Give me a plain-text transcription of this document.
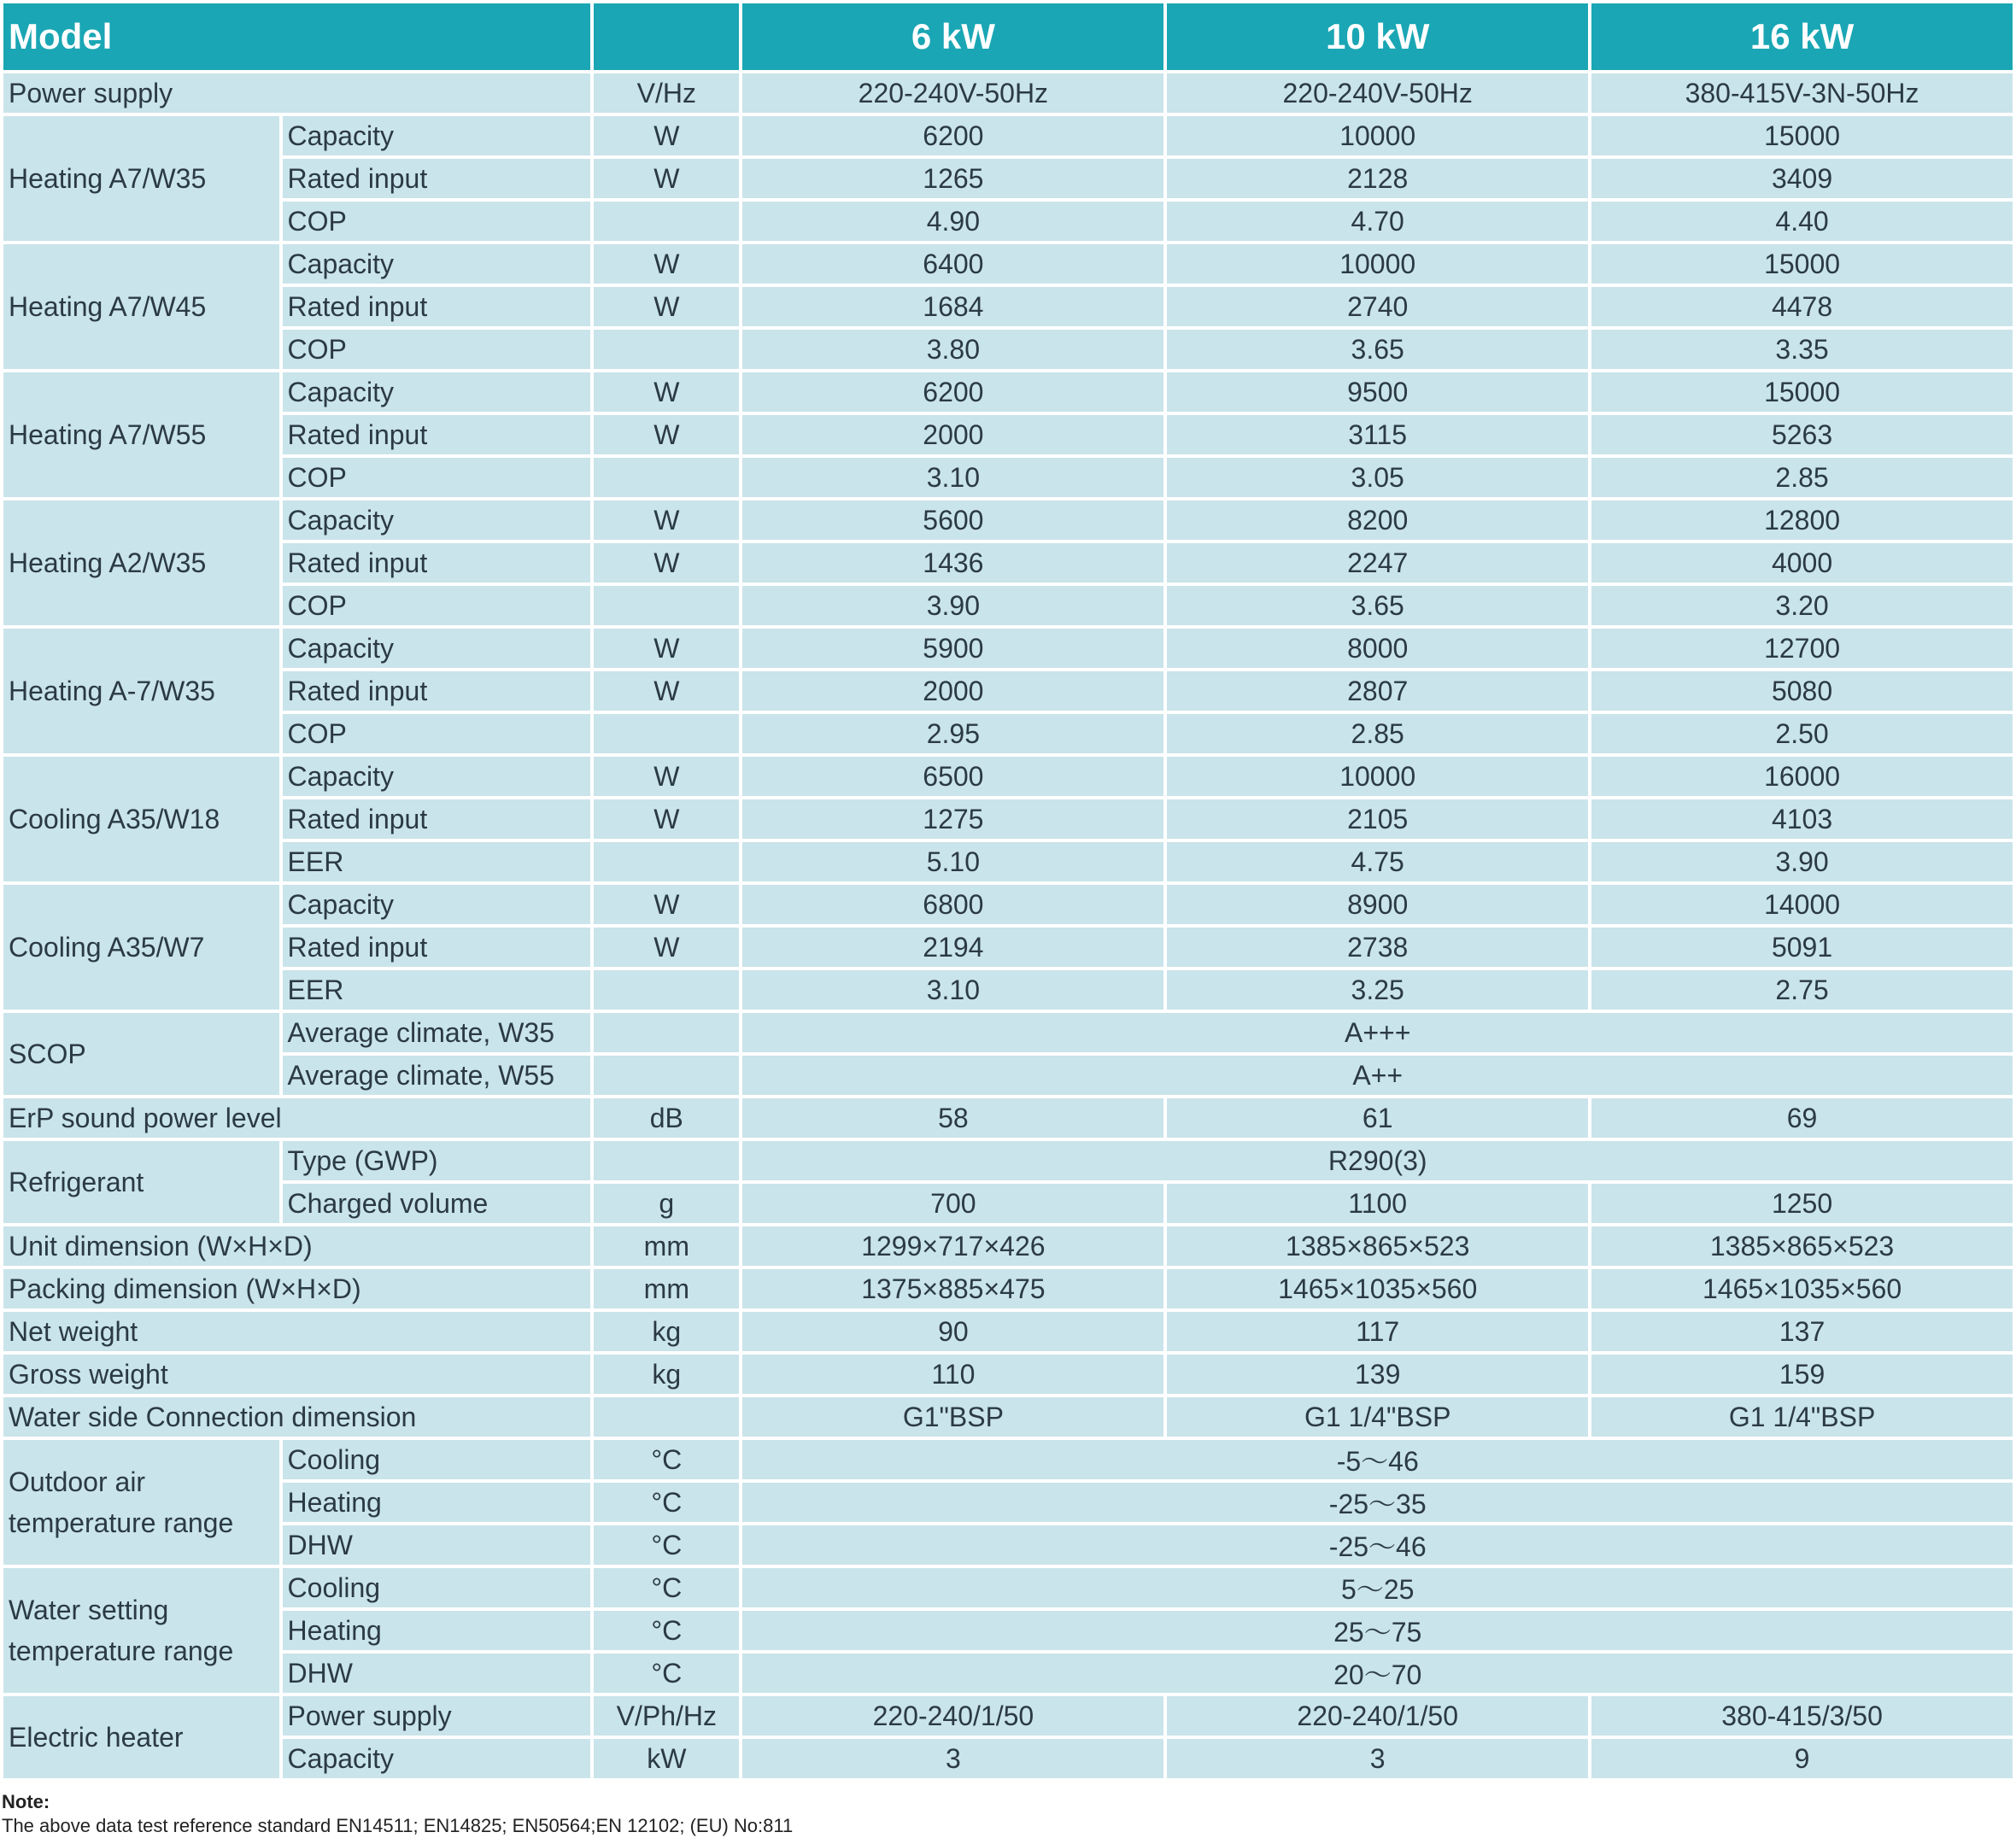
Model			6 kW	10 kW	16 kW
Power supply		V/Hz	220-240V-50Hz	220-240V-50Hz	380-415V-3N-50Hz
Heating A7/W35	Capacity	W	6200	10000	15000
	Rated input	W	1265	2128	3409
	COP		4.90	4.70	4.40
Heating A7/W45	Capacity	W	6400	10000	15000
	Rated input	W	1684	2740	4478
	COP		3.80	3.65	3.35
Heating A7/W55	Capacity	W	6200	9500	15000
	Rated input	W	2000	3115	5263
	COP		3.10	3.05	2.85
Heating A2/W35	Capacity	W	5600	8200	12800
	Rated input	W	1436	2247	4000
	COP		3.90	3.65	3.20
Heating A-7/W35	Capacity	W	5900	8000	12700
	Rated input	W	2000	2807	5080
	COP		2.95	2.85	2.50
Cooling A35/W18	Capacity	W	6500	10000	16000
	Rated input	W	1275	2105	4103
	EER		5.10	4.75	3.90
Cooling A35/W7	Capacity	W	6800	8900	14000
	Rated input	W	2194	2738	5091
	EER		3.10	3.25	2.75
SCOP	Average climate, W35		A+++		
	Average climate, W55		A++		
ErP sound power level		dB	58	61	69
Refrigerant	Type (GWP)		R290(3)		
	Charged volume	g	700	1100	1250
Unit dimension (W×H×D)		mm	1299×717×426	1385×865×523	1385×865×523
Packing dimension (W×H×D)		mm	1375×885×475	1465×1035×560	1465×1035×560
Net weight		kg	90	117	137
Gross weight		kg	110	139	159
Water side Connection dimension			G1"BSP	G1 1/4"BSP	G1 1/4"BSP
Outdoor air temperature range	Cooling	°C	-5～46		
	Heating	°C	-25～35		
	DHW	°C	-25～46		
Water setting temperature range	Cooling	°C	5～25		
	Heating	°C	25～75		
	DHW	°C	20～70		
Electric heater	Power supply	V/Ph/Hz	220-240/1/50	220-240/1/50	380-415/3/50
	Capacity	kW	3	3	9
Note:
The above data test reference standard EN14511; EN14825; EN50564;EN 12102; (EU) No:811
